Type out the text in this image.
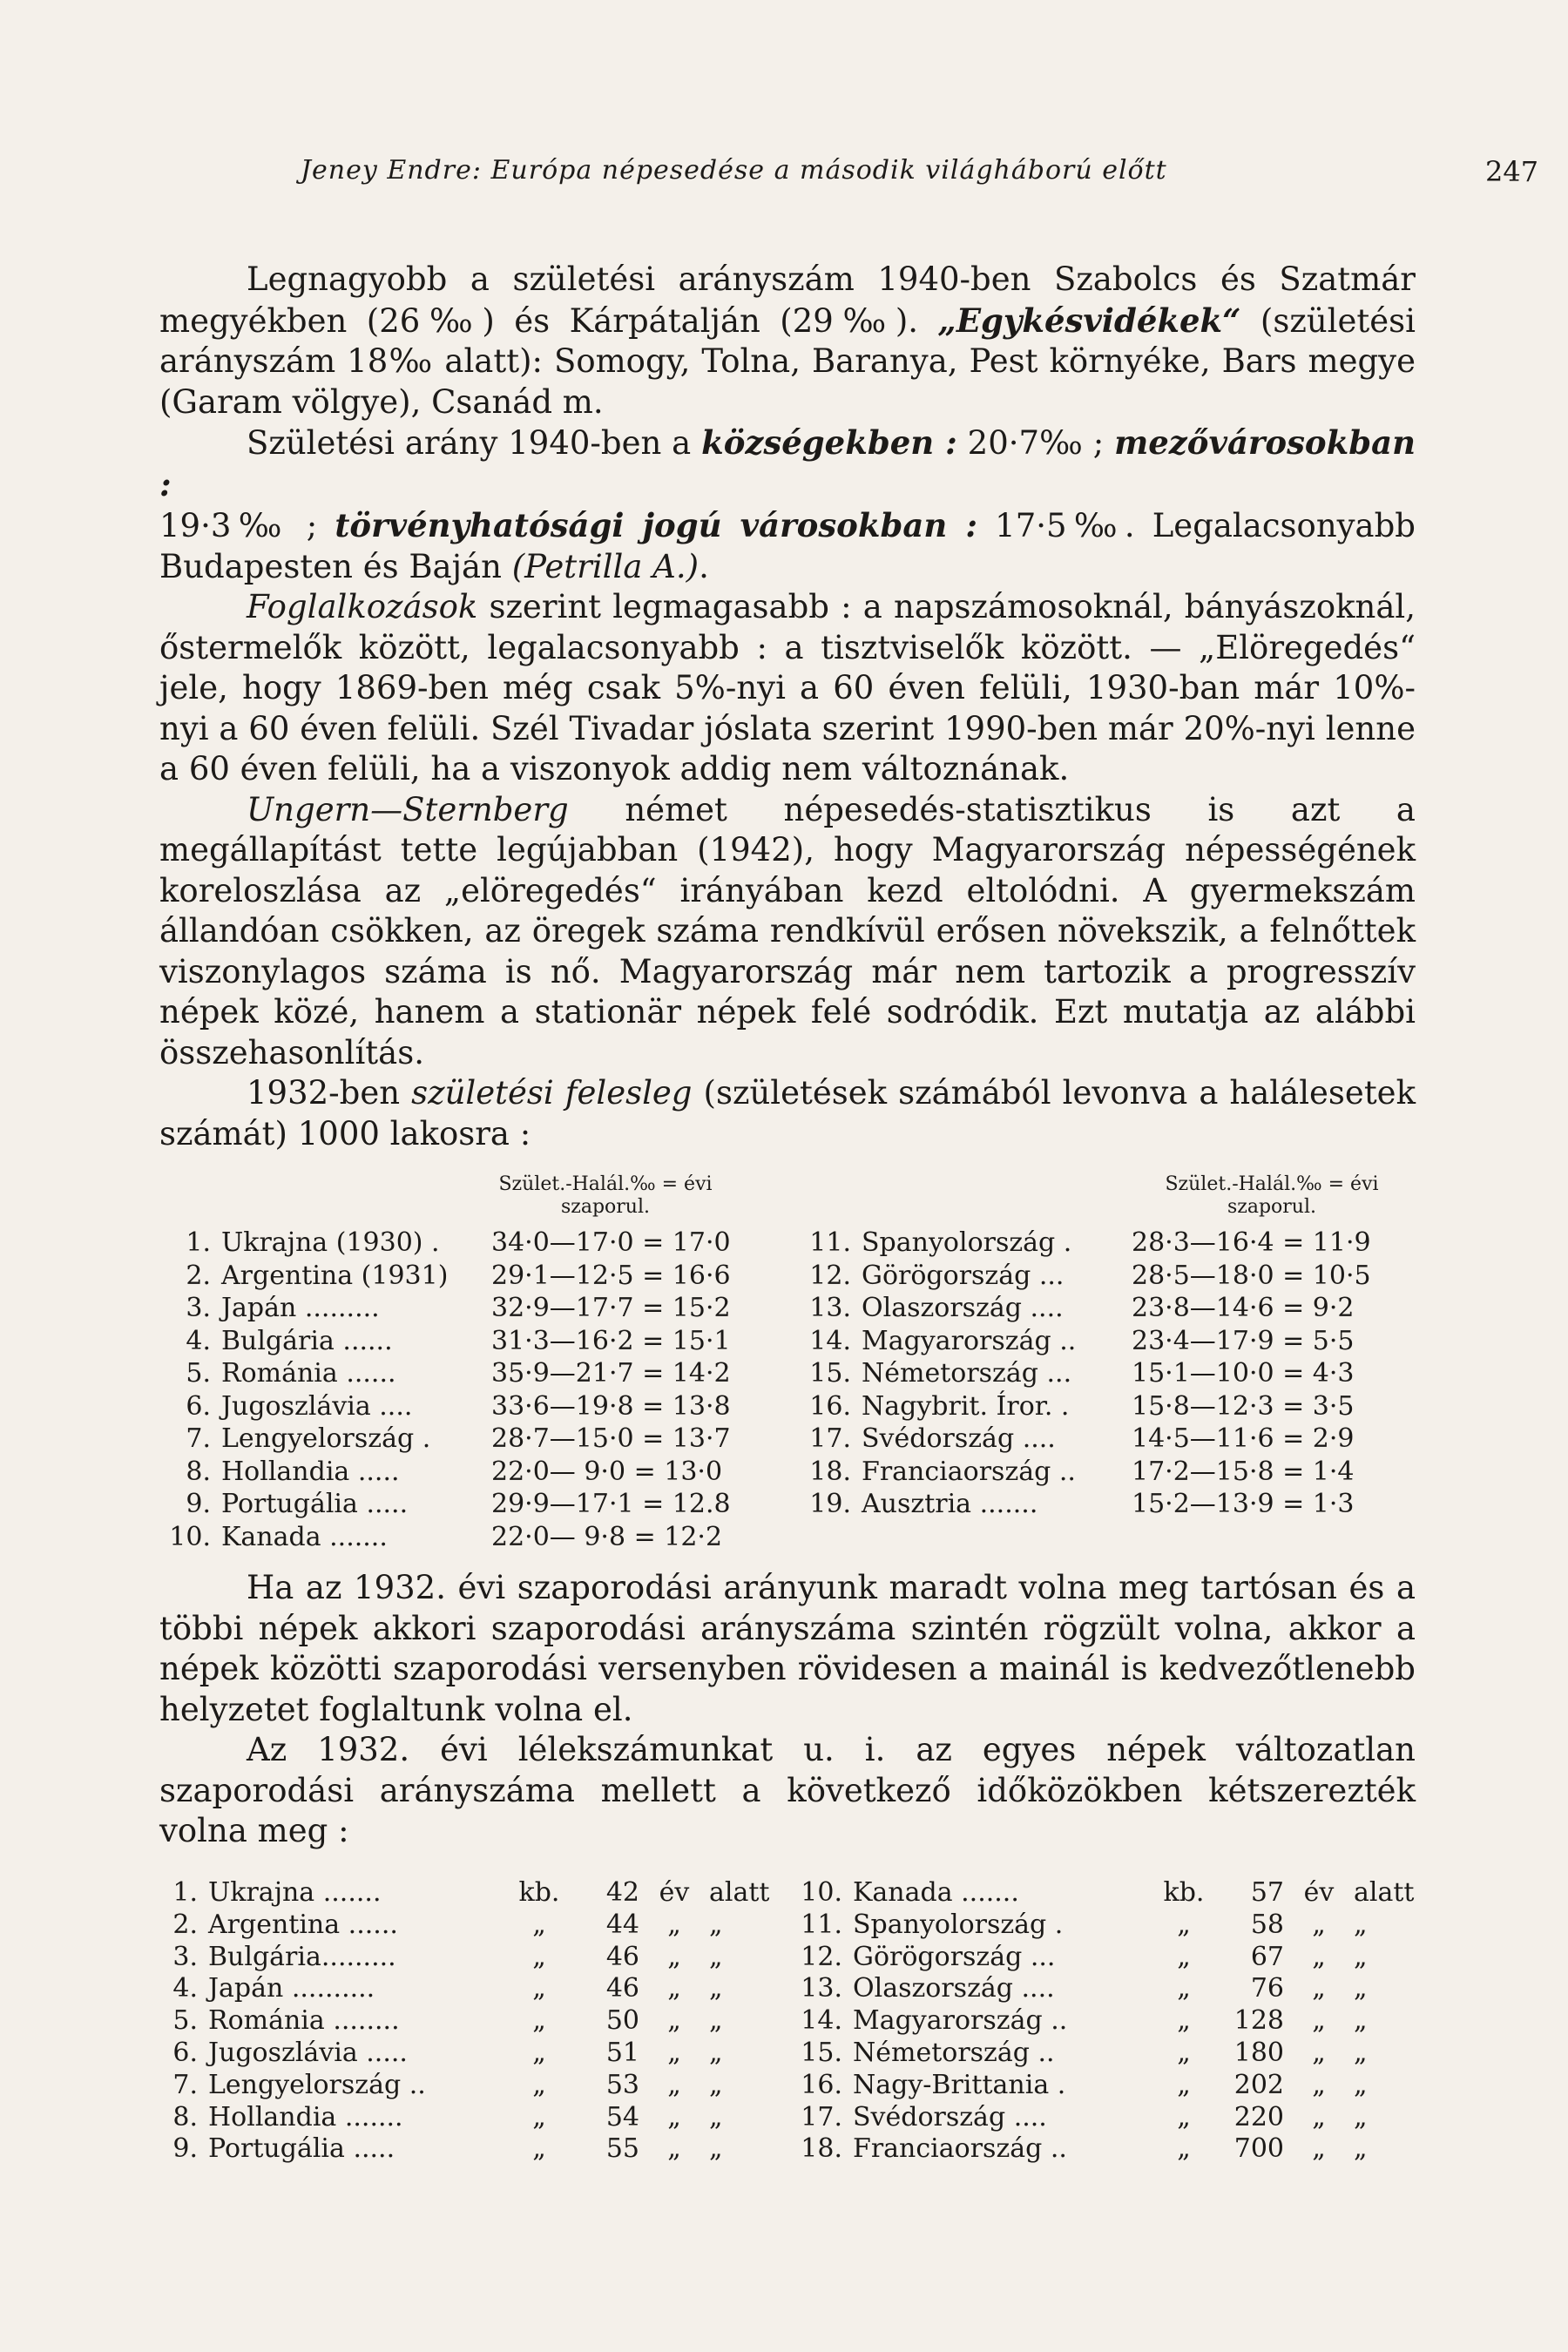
Jeney Endre: Európa népesedése a második világháború előtt	247

Legnagyobb a születési arányszám 1940-ben Szabolcs és Szatmár megyékben (26‰) és Kárpátalján (29‰). „Egykésvidékek“ (születési arányszám 18‰ alatt): Somogy, Tolna, Baranya, Pest környéke, Bars megye (Garam völgye), Csanád m.

Születési arány 1940-ben a községekben : 20·7‰ ; mezővárosokban :

19·3‰ ; törvényhatósági jogú városokban : 17·5‰. Legalacsonyabb Budapesten és Baján (Petrilla A.).

Foglalkozások szerint legmagasabb : a napszámosoknál, bányászoknál, őstermelők között, legalacsonyabb : a tisztviselők között. — „Elöregedés“ jele, hogy 1869-ben még csak 5%-nyi a 60 éven felüli, 1930-ban már 10%-nyi a 60 éven felüli. Szél Tivadar jóslata szerint 1990-ben már 20%-nyi lenne a 60 éven felüli, ha a viszonyok addig nem változnának.

Ungern—Sternberg német népesedés-statisztikus is azt a megállapítást tette legújabban (1942), hogy Magyarország népességének koreloszlása az „elöregedés“ irányában kezd eltolódni. A gyermekszám állandóan csökken, az öregek száma rendkívül erősen növekszik, a felnőttek viszonylagos száma is nő. Magyarország már nem tartozik a progresszív népek közé, hanem a stationär népek felé sodródik. Ezt mutatja az alábbi összehasonlítás.

1932-ben születési felesleg (születések számából levonva a halálesetek számát) 1000 lakosra :

Szület.-Halál.‰ = évi
szaporul.
Szület.-Halál.‰ = évi
szaporul.
1. Ukrajna (1930) .	34·0—17·0 = 17·0
2. Argentina (1931)	29·1—12·5 = 16·6
3. Japán .........	32·9—17·7 = 15·2
4. Bulgária ......	31·3—16·2 = 15·1
5. Románia ......	35·9—21·7 = 14·2
6. Jugoszlávia ....	33·6—19·8 = 13·8
7. Lengyelország .	28·7—15·0 = 13·7
8. Hollandia .....	22·0— 9·0 = 13·0
9. Portugália .....	29·9—17·1 = 12.8
10. Kanada .......	22·0— 9·8 = 12·2
11. Spanyolország .	28·3—16·4 = 11·9
12. Görögország ...	28·5—18·0 = 10·5
13. Olaszország ....	23·8—14·6 = 9·2
14. Magyarország ..	23·4—17·9 = 5·5
15. Németország ...	15·1—10·0 = 4·3
16. Nagybrit. Íror. .	15·8—12·3 = 3·5
17. Svédország ....	14·5—11·6 = 2·9
18. Franciaország ..	17·2—15·8 = 1·4
19. Ausztria .......	15·2—13·9 = 1·3

Ha az 1932. évi szaporodási arányunk maradt volna meg tartósan és a többi népek akkori szaporodási arányszáma szintén rögzült volna, akkor a népek közötti szaporodási versenyben rövidesen a mainál is kedvezőtlenebb helyzetet foglaltunk volna el.

Az 1932. évi lélekszámunkat u. i. az egyes népek változatlan szaporodási arányszáma mellett a következő időközökben kétszerezték volna meg :

1. Ukrajna .......	kb.	42 év alatt
2. Argentina ......	„	44	„	„
3. Bulgária.........	„	46	„	„
4. Japán ..........	„	46	„	„
5. Románia ........	„	50	„	„
6. Jugoszlávia .....	„	51	„	„
7. Lengyelország ..	„	53	„	„
8. Hollandia .......	„	54	„	„
9. Portugália .....	„	55	„	„
10. Kanada .......	kb.	57 év alatt
11. Spanyolország .	„	58	„	„
12. Görögország ...	„	67	„	„
13. Olaszország ....	„	76	„	„
14. Magyarország ..	„	128	„	„
15. Németország ..	„	180	„	„
16. Nagy-Brittania .	„	202	„	„
17. Svédország ....	„	220	„	„
18. Franciaország ..	„	700	„	„
